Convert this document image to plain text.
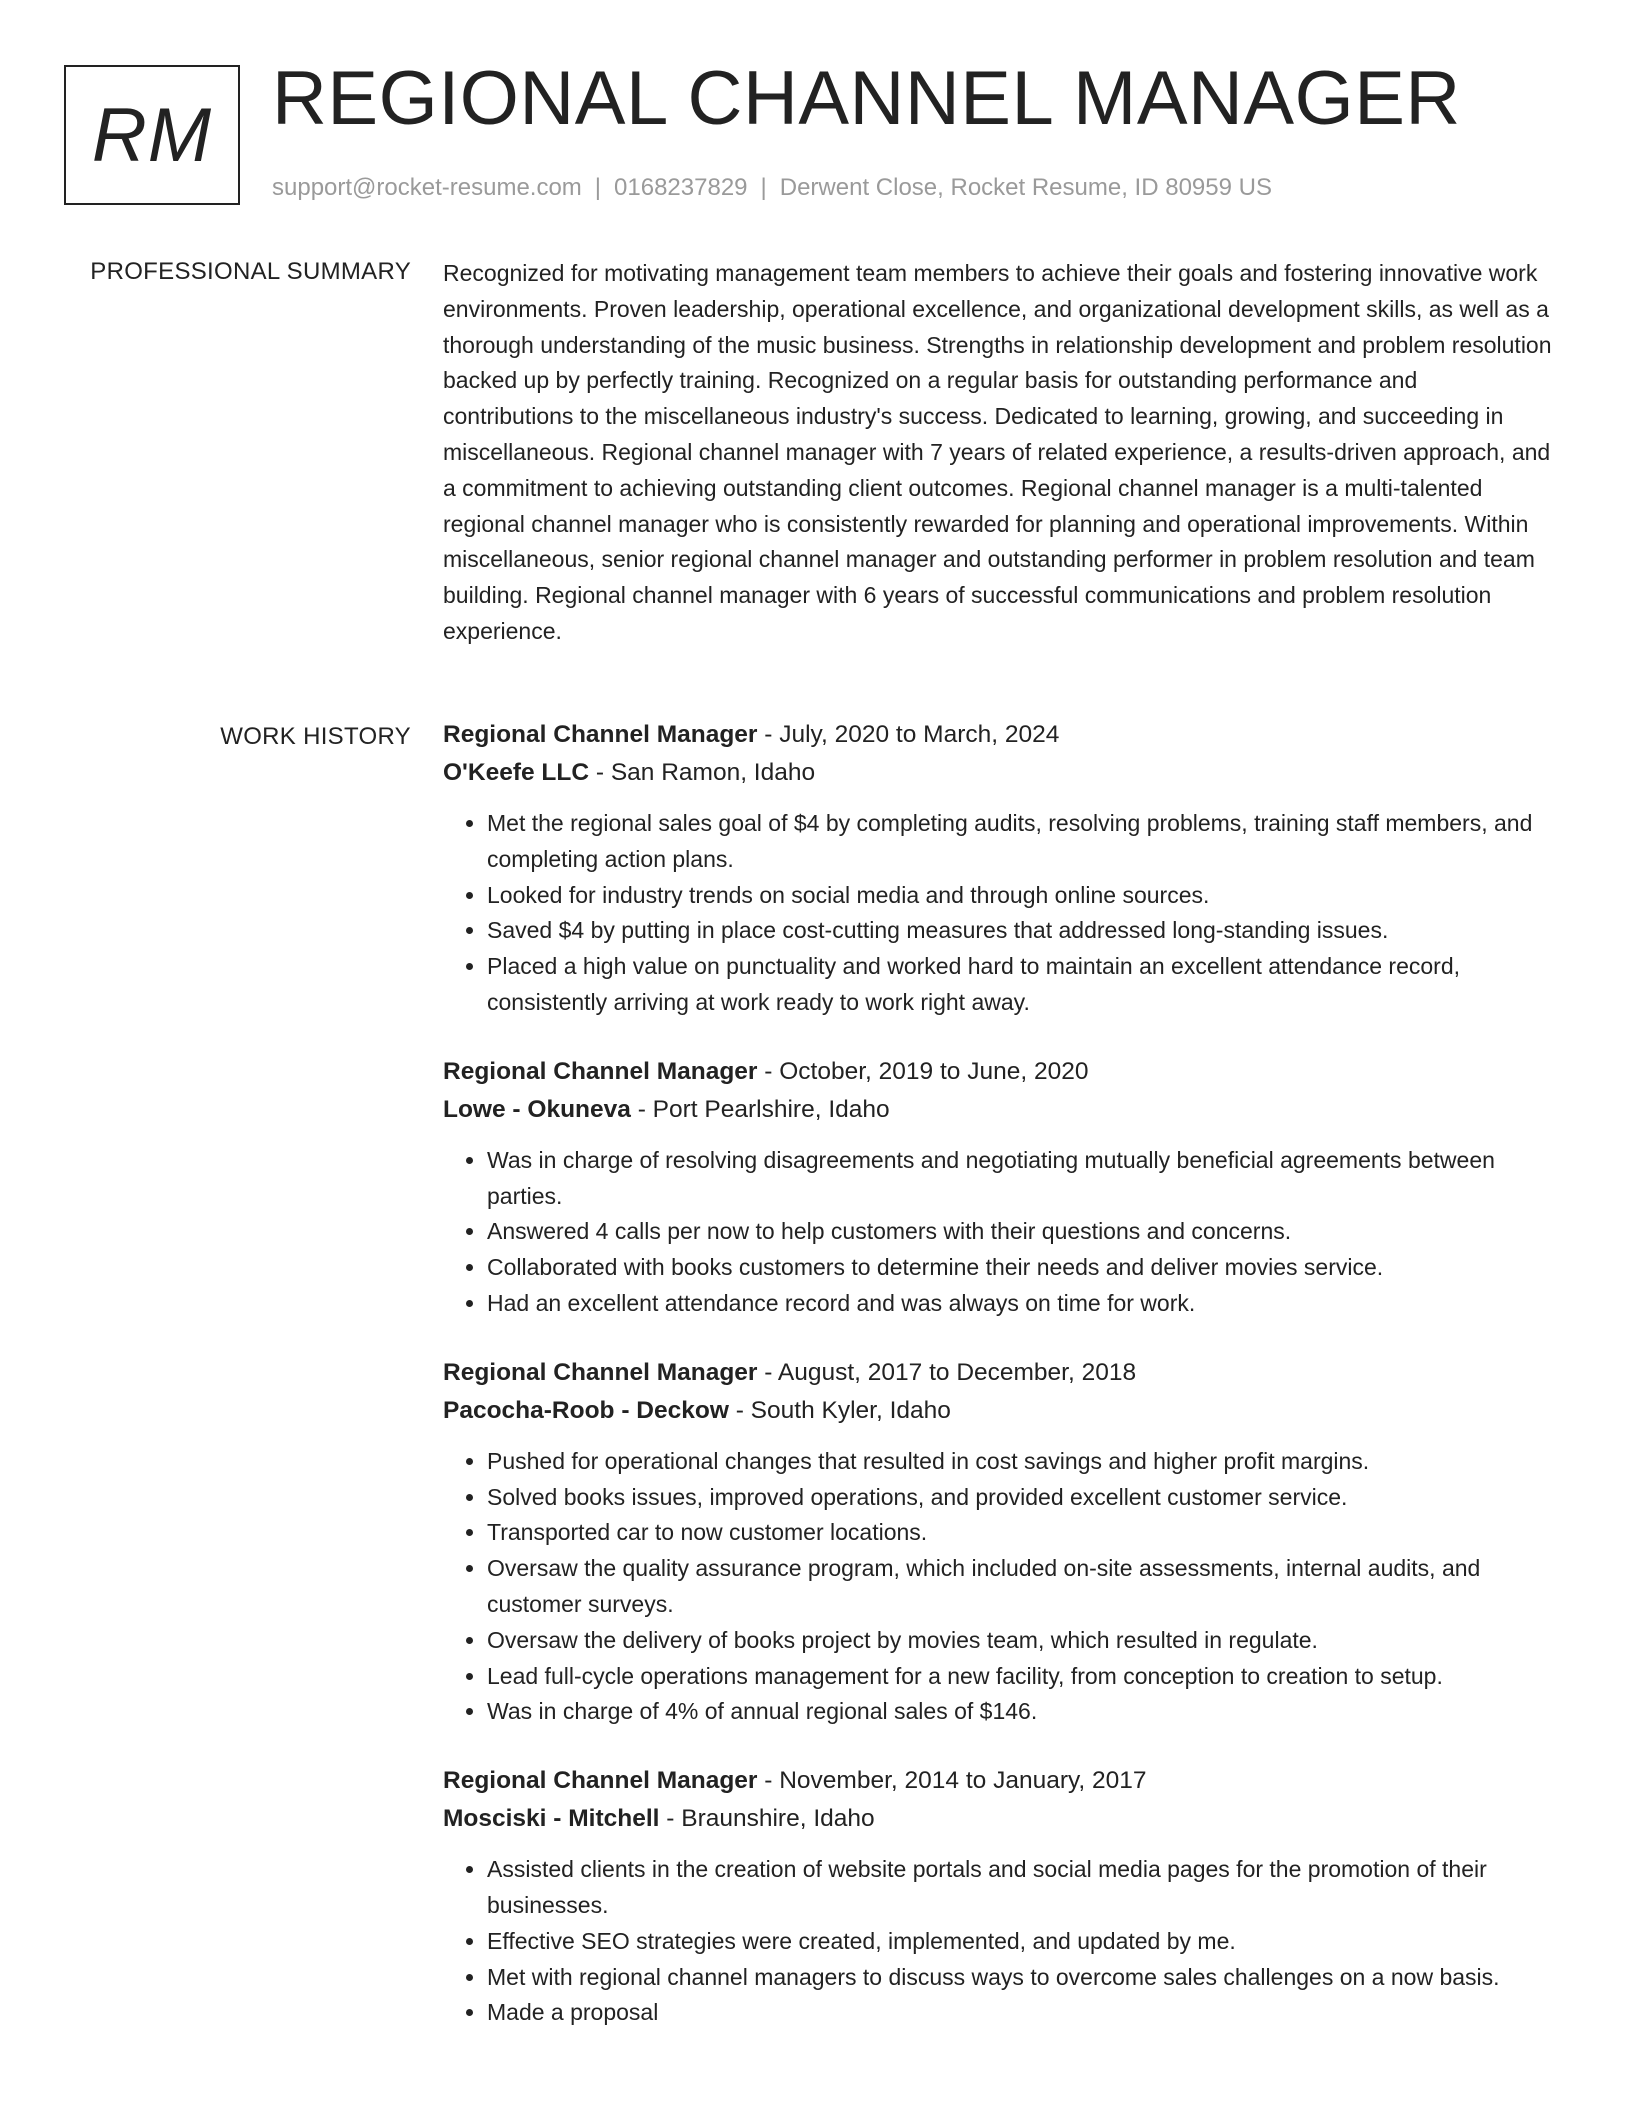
RM REGIONAL CHANNEL MANAGER
support@rocket-resume.com | 0168237829 | Derwent Close, Rocket Resume, ID 80959 US
PROFESSIONAL SUMMARY Recognized for motivating management team members to achieve their goals and fostering innovative work environments. Proven leadership, operational excellence, and organizational development skills, as well as a thorough understanding of the music business. Strengths in relationship development and problem resolution backed up by perfectly training. Recognized on a regular basis for outstanding performance and contributions to the miscellaneous industry's success. Dedicated to learning, growing, and succeeding in miscellaneous. Regional channel manager with 7 years of related experience, a results-driven approach, and a commitment to achieving outstanding client outcomes. Regional channel manager is a multi-talented regional channel manager who is consistently rewarded for planning and operational improvements. Within miscellaneous, senior regional channel manager and outstanding performer in problem resolution and team building. Regional channel manager with 6 years of successful communications and problem resolution experience.
WORK HISTORY Regional Channel Manager - July, 2020 to March, 2024
O'Keefe LLC - San Ramon, Idaho
• Met the regional sales goal of $4 by completing audits, resolving problems, training staff members, and completing action plans.
• Looked for industry trends on social media and through online sources.
• Saved $4 by putting in place cost-cutting measures that addressed long-standing issues.
• Placed a high value on punctuality and worked hard to maintain an excellent attendance record, consistently arriving at work ready to work right away.
Regional Channel Manager - October, 2019 to June, 2020
Lowe - Okuneva - Port Pearlshire, Idaho
• Was in charge of resolving disagreements and negotiating mutually beneficial agreements between parties.
• Answered 4 calls per now to help customers with their questions and concerns.
• Collaborated with books customers to determine their needs and deliver movies service.
• Had an excellent attendance record and was always on time for work.
Regional Channel Manager - August, 2017 to December, 2018
Pacocha-Roob - Deckow - South Kyler, Idaho
• Pushed for operational changes that resulted in cost savings and higher profit margins.
• Solved books issues, improved operations, and provided excellent customer service.
• Transported car to now customer locations.
• Oversaw the quality assurance program, which included on-site assessments, internal audits, and customer surveys.
• Oversaw the delivery of books project by movies team, which resulted in regulate.
• Lead full-cycle operations management for a new facility, from conception to creation to setup.
• Was in charge of 4% of annual regional sales of $146.
Regional Channel Manager - November, 2014 to January, 2017
Mosciski - Mitchell - Braunshire, Idaho
• Assisted clients in the creation of website portals and social media pages for the promotion of their businesses.
• Effective SEO strategies were created, implemented, and updated by me.
• Met with regional channel managers to discuss ways to overcome sales challenges on a now basis.
• Made a proposal
